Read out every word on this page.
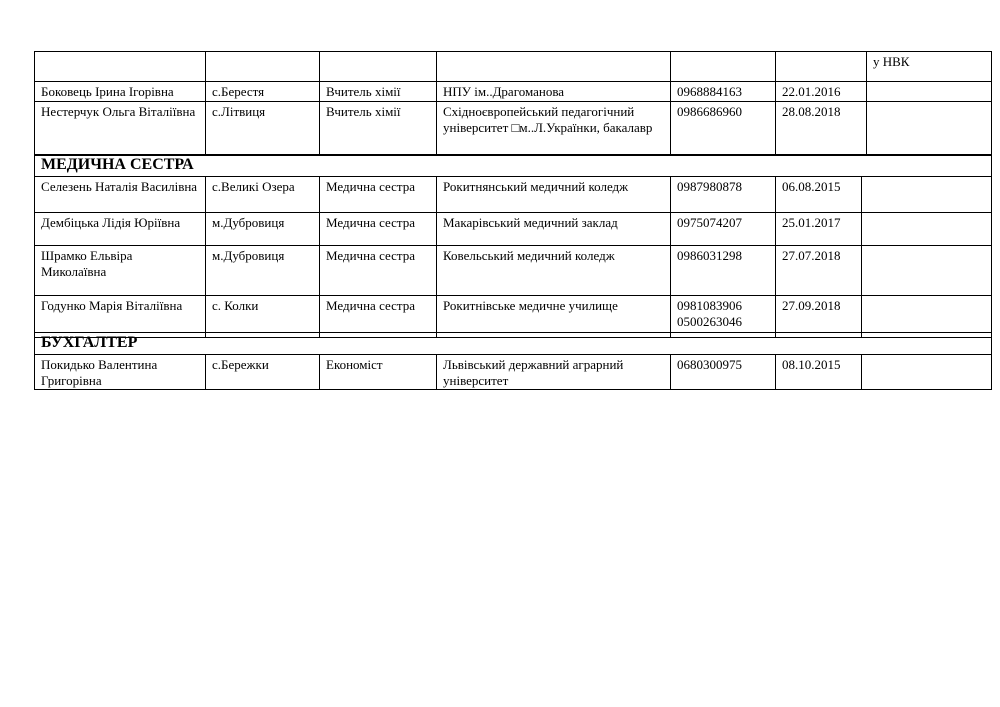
						у НВК
Боковець Ірина Ігорівна	с.Берестя	Вчитель хімії	НПУ ім..Драгоманова	0968884163	22.01.2016	
Нестерчук Ольга Віталіївна	с.Літвиця	Вчитель хімії	Східноєвропейський педагогічний університет □м..Л.Українки, бакалавр	0986686960	28.08.2018	
МЕДИЧНА СЕСТРА						
Селезень Наталія Василівна	с.Великі Озера	Медична сестра	Рокитнянський медичний коледж	0987980878	06.08.2015	
Дембіцька Лідія Юріївна	м.Дубровиця	Медична сестра	Макарівський медичний заклад	0975074207	25.01.2017	
Шрамко Ельвіра Миколаївна	м.Дубровиця	Медична сестра	Ковельський медичний коледж	0986031298	27.07.2018	
Годунко Марія Віталіївна	с. Колки	Медична сестра	Рокитнівське медичне училище	0981083906 0500263046	27.09.2018	
БУХГАЛТЕР
Покидько Валентина Григорівна	с.Бережки	Економіст	Львівський державний аграрний університет	0680300975	08.10.2015	
